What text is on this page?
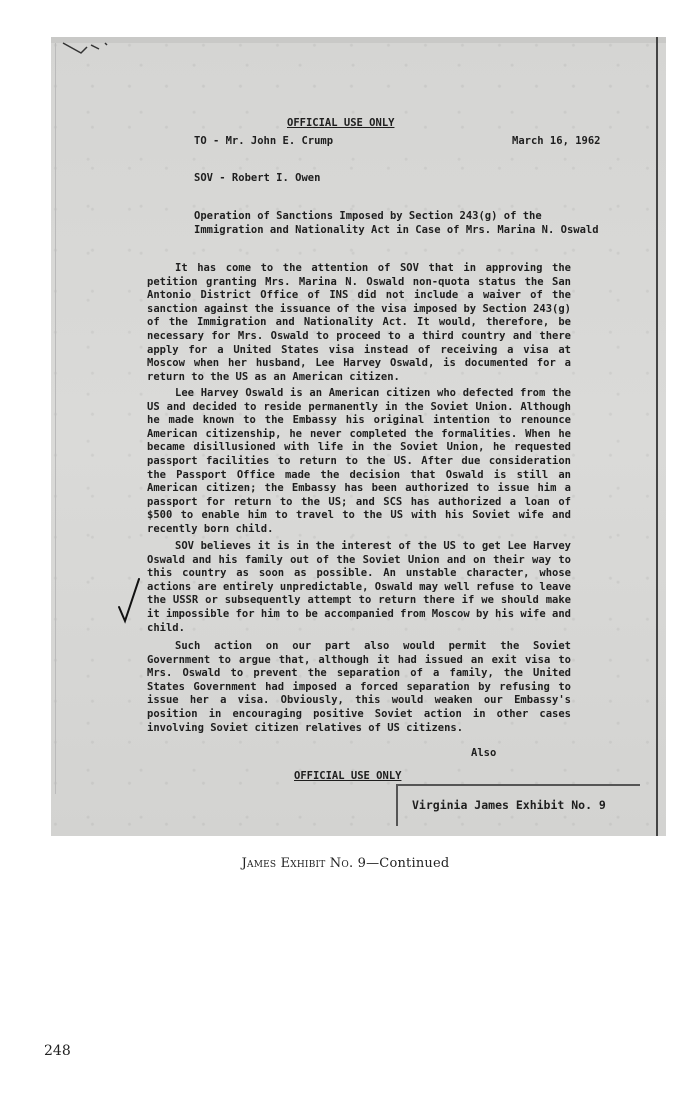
OFFICIAL USE ONLY
TO - Mr. John E. Crump	March 16, 1962
SOV - Robert I. Owen
Operation of Sanctions Imposed by Section 243(g) of the
Immigration and Nationality Act in Case of Mrs. Marina N. Oswald

It has come to the attention of SOV that in approving the petition granting Mrs. Marina N. Oswald non-quota status the San Antonio District Office of INS did not include a waiver of the sanction against the issuance of the visa imposed by Section 243(g) of the Immigration and Nationality Act. It would, therefore, be necessary for Mrs. Oswald to proceed to a third country and there apply for a United States visa instead of receiving a visa at Moscow when her husband, Lee Harvey Oswald, is documented for a return to the US as an American citizen.

Lee Harvey Oswald is an American citizen who defected from the US and decided to reside permanently in the Soviet Union. Although he made known to the Embassy his original intention to renounce American citizenship, he never completed the formalities. When he became disillusioned with life in the Soviet Union, he requested passport facilities to return to the US. After due consideration the Passport Office made the decision that Oswald is still an American citizen; the Embassy has been authorized to issue him a passport for return to the US; and SCS has authorized a loan of $500 to enable him to travel to the US with his Soviet wife and recently born child.

SOV believes it is in the interest of the US to get Lee Harvey Oswald and his family out of the Soviet Union and on their way to this country as soon as possible. An unstable character, whose actions are entirely unpredictable, Oswald may well refuse to leave the USSR or subsequently attempt to return there if we should make it impossible for him to be accompanied from Moscow by his wife and child.

Such action on our part also would permit the Soviet Government to argue that, although it had issued an exit visa to Mrs. Oswald to prevent the separation of a family, the United States Government had imposed a forced separation by refusing to issue her a visa. Obviously, this would weaken our Embassy's position in encouraging positive Soviet action in other cases involving Soviet citizen relatives of US citizens.

Also
OFFICIAL USE ONLY
Virginia James Exhibit No. 9
James Exhibit No. 9—Continued
248
